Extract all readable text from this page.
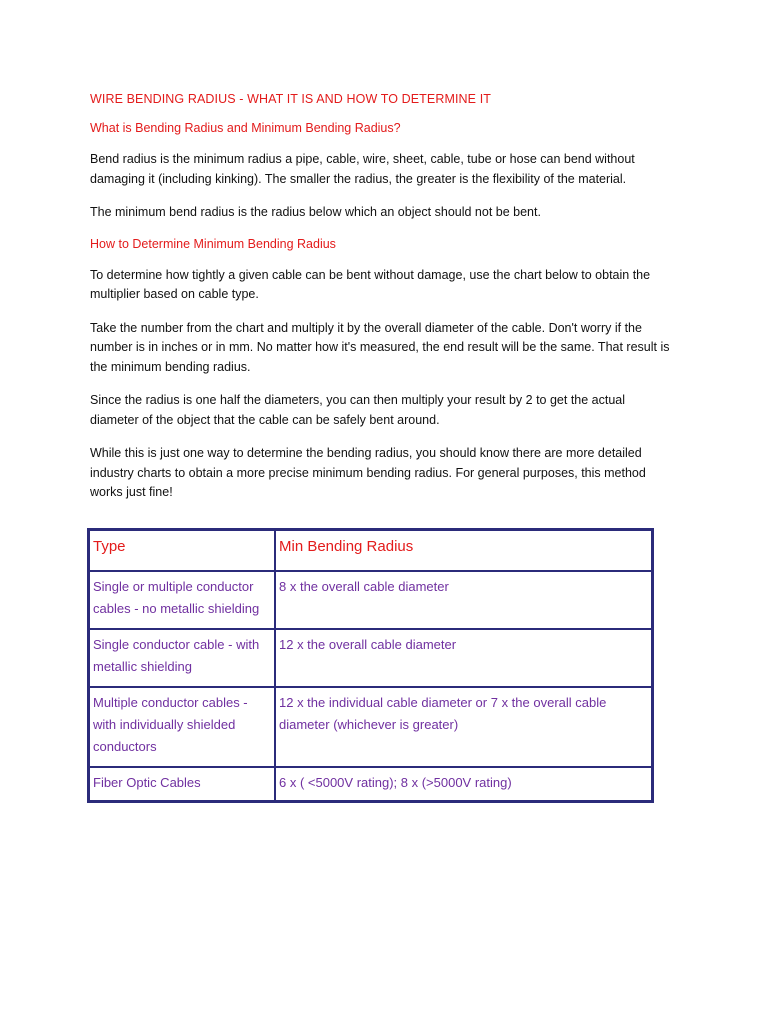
WIRE BENDING RADIUS - WHAT IT IS AND HOW TO DETERMINE IT
What is Bending Radius and Minimum Bending Radius?

Bend radius is the minimum radius a pipe, cable, wire, sheet, cable, tube or hose can bend without damaging it (including kinking). The smaller the radius, the greater is the flexibility of the material.

The minimum bend radius is the radius below which an object should not be bent.

How to Determine Minimum Bending Radius

To determine how tightly a given cable can be bent without damage, use the chart below to obtain the multiplier based on cable type.

Take the number from the chart and multiply it by the overall diameter of the cable. Don't worry if the number is in inches or in mm. No matter how it's measured, the end result will be the same. That result is the minimum bending radius.

Since the radius is one half the diameters, you can then multiply your result by 2 to get the actual diameter of the object that the cable can be safely bent around.

While this is just one way to determine the bending radius, you should know there are more detailed industry charts to obtain a more precise minimum bending radius. For general purposes, this method works just fine!

Type	Min Bending Radius
Single or multiple conductor cables - no metallic shielding	8 x the overall cable diameter
Single conductor cable - with metallic shielding	12 x the overall cable diameter
Multiple conductor cables - with individually shielded conductors	12 x the individual cable diameter or 7 x the overall cable diameter (whichever is greater)
Fiber Optic Cables	6 x ( <5000V rating); 8 x (>5000V rating)
